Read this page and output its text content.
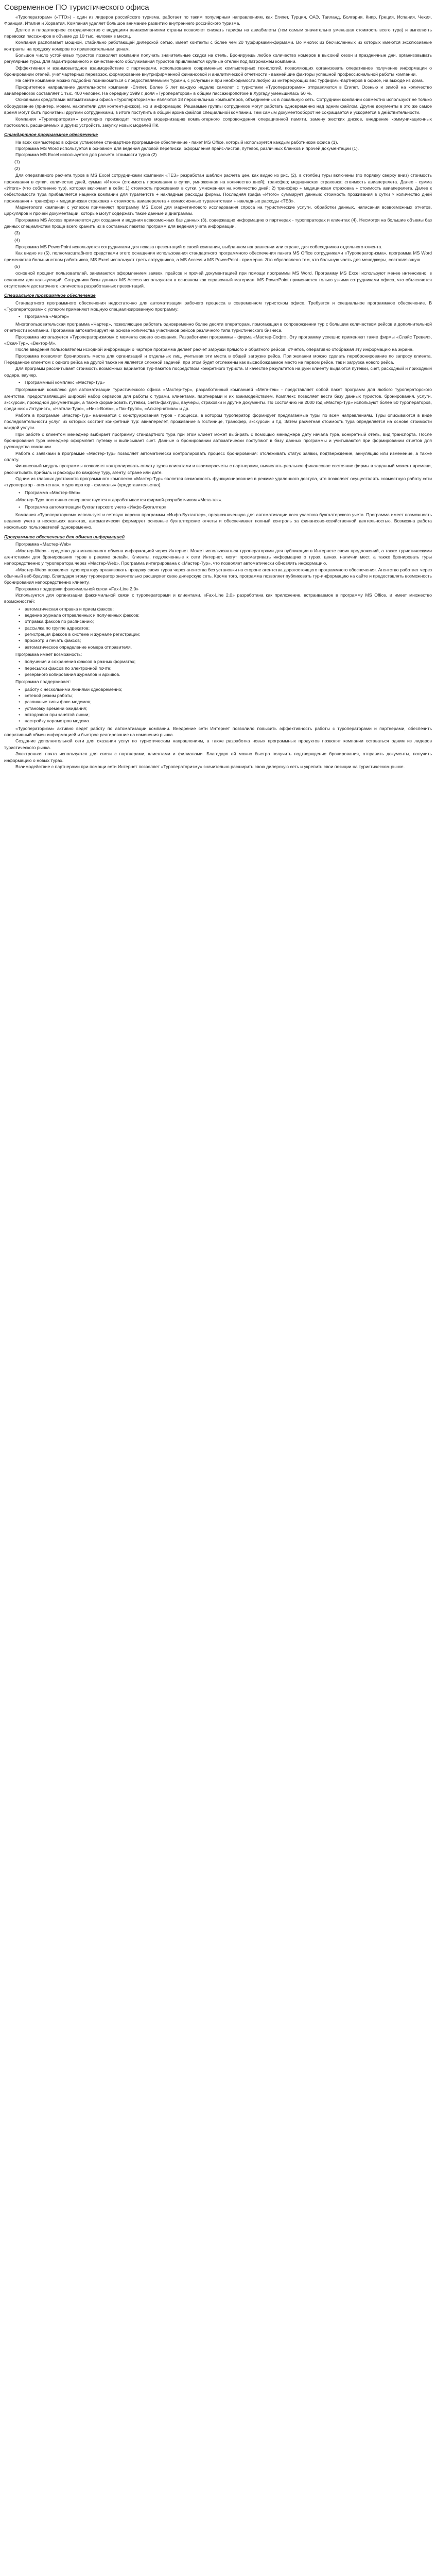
Современное ПО туристического офиса

«Туроператорам» («ТТО») - один из лидеров российского туризма, работает по таким популярным направлениям, как Египет, Турция, ОАЭ, Таиланд, Болгария, Кипр, Греция, Испания, Чехия, Франция, Италия и Хорватия. Компания уделяет большое внимание развитию внутреннего российского туризма.

Долгое и плодотворное сотрудничество с ведущими авиакомпаниями страны позволяет снижать тарифы на авиабилеты (тем самым значительно уменьшая стоимость всего тура) и выполнять перевозки пассажиров в объеме до 10 тыс. человек в месяц.

Компания располагает мощной, стабильно работающей дилерской сетью, имеет контакты с более чем 20 турфирмами-фирмами. Во многих из бесчисленных из которых имеются эксклюзивные контракты на продажу номеров по привлекательным ценам.

Большое число устойчивых туристов позволяет компании получать значительные скидки на отель. Бронируешь любое количество номеров в высокий сезон и праздничные дни, организовывать регулярные туры. Для гарантированного и качественного обслуживания туристов привлекаются крупные отелей под патронажем компании.

Эффективная и взаимовыгодное взаимодействие с партнерами, использование современных компьютерных технологий, позволяющих организовать оперативное получение информации о бронировании отелей, учет чартерных перевозок, формирование внутрифирменной финансовой и аналитической отчетности - важнейшие факторы успешной профессиональной работы компании.

На сайте компании можно подробно познакомиться с предоставляемыми турами, с услугами и при необходимости любую из интересующих вас турфирмы-партнеров в офисе, на выходе из дома.

Приоритетное направление деятельности компании -Египет. Более 5 лет каждую неделю самолет с туристами «Туроператорами» отправляются в Египет. Осенью и зимой на количество авиаперевозок составляет 1 тыс. 400 человек. На середину 1999 г. доля «Туроператоров» в общем пассажиропотоке в Хургаду уменьшилась 50 %.

Основными средствами автоматизации офиса «Туроператоризма» являются 18 персональных компьютеров, объединенных в локальную сеть. Сотрудники компании совместно используют не только оборудование (принтер, модем, накопители для контент-дисков), но и информацию. Решаемые группы сотрудников могут работать одновременно над одним файлом. Другие документы в это же самое время могут быть прочитаны другими сотрудниками, в итоге поступить в общий архив файлов специальной компании. Тем самым документооборот не сокращается и ускоряется в действительности.

Компания «Туроператоризм» регулярно производит тестовую модернизацию компьютерного сопровождения операционной памяти, замену жестких дисков, внедрение коммуникационных протоколов, расширяемых и других устройств, закупку новых моделей ПК.

Стандартное программное обеспечение

На всех компьютерах в офисе установлен стандартное программное обеспечение - пакет MS Office, который используется каждым работником офиса (1).

Программа MS Word используется в основном для ведения деловой переписки, оформления прайс-листов, путевок, различных бланков и прочей документации (1).

Программа MS Excel используется для расчета стоимости туров (2)

(1)

(2)

Для оперативного расчета туров в MS Excel сотрудни-ками компании «ТЕЗ» разработан шаблон расчета цен, как видно из рис. (2), в столбец туры включены (по порядку сверху вниз) стоимость проживания в сутки, количество дней, сумма «Итого» (стоимость проживания в сутки, умноженная на количество дней); трансфер; медицинская страховка; стоимость авиаперелета. Далее - сумма «Итого» (что собственно тур), которая включает в себя: 1) стоимость проживания в сутки, умноженная на количество дней; 2) трансфер + медицинская страховка + стоимость авиаперелета. Далее к себестоимости тура прибавляется наценка компании для турагентств + накладные расходы фирмы. Последняя графа «Итого» суммирует данные: стоимость проживания в сутки × количество дней проживания + трансфер + медицинская страховка + стоимость авиаперелета + комиссионные турагентствам + накладные расходы «ТЕЗ».

Маркетологи компании с успехом применяют программу MS Excel для маркетингового исследования спроса на туристические услуги, обработки данных, написания всевозможных отчетов, циркуляров и прочей документации, которые могут содержать такие данные и диаграммы.

Программа MS Access применяется для создания и ведения всевозможных баз данных (3), содержащих информацию о партнерах - туроператорах и клиентах (4). Несмотря на большие объемы баз данных специалистам проще всего хранить их в составных пакетах программ для ведения учета информации.

(3)

(4)

Программа MS PowerPoint используется сотрудниками для показа презентаций о своей компании, выбранном направлении или стране, для собеседников отдельного клиента.

Как видно из (5), полномасштабного средствами этого оснащения использования стандартного программного обеспечения пакета MS Office сотрудниками «Туроператоризма», программа MS Word применяется большинством работников, MS Excel используют треть сотрудников, а MS Access и MS PowerPoint - примерно. Это обусловлено тем, что большую часть для менеджеры, составляющую

(5)

основной процент пользователей, занимаются оформлением заявок, прайсов и прочей документацией при помощи программы MS Word. Программу MS Excel используют менее интенсивно, в основном для калькуляций. Сотрудники базы данных MS Access используются в основном как справочный материал. MS PowerPoint применяется только узкими сотрудниками офиса, что объясняется отсутствием достаточного количества разработанных презентаций.

Специальное программное обеспечение

Стандартного программного обеспечения недостаточно для автоматизации рабочего процесса в современном туристском офисе. Требуется и специальное программное обеспечение. В «Туроператоризм» с успехом применяют мощную специализированную программу:

• Программа «Чартер»

Многопользовательская программа «Чартер», позволяющее работать одновременно более десяти операторам, помогающая в сопровождении тур с большим количеством рейсов и дополнительной отчетности компании. Программа автоматизирует на основе количества участников рейсов различного типа туристического бизнеса.

Программа используется «Туроператоризмом» с момента своего основания. Разработчики программы - фирма «Мастер-Софт». Эту программу успешно применяют такие фирмы «Слайс Тревел», «Ская-Тур», «Вектор-М».

После введения пользователем исходной информации о чартере программа делает расчет загрузки прямого и обратного рейсов, отчетов, оперативно отображая эту информацию на экране.

Программа позволяет бронировать места для организаций и отдельных лиц, учитывая эти места в общей загрузке рейса. При желании можно сделать перебронирование по запросу клиента. Переданное клиентом с одного рейса на другой также не является сложной задачей, при этом будет отслежены как высвобождаемое место на первом рейсе, так и загрузка нового рейса.

Для программ рассчитывает стоимость возможных вариантов тур-пакетов посредством конкретного туриста. В качестве результатов на руки клиенту выдаются путевки, счет, расходный и приходный ордера, ваучер.

• Программный комплекс «Мастер-Тур»

Программный комплекс для автоматизации туристического офиса «Мастер-Тур», разработанный компанией «Мега-тек» - представляет собой пакет программ для любого туроператорского агентства, предоставляющий широкий набор сервисов для работы с турами, клиентами, партнерами и их взаимодействием. Комплекс позволяет вести базу данных туристов, бронирования, услуги, экскурсии, проездной документации, а также формировать путевки, счета-фактуры, ваучеры, страховки и другие документы. По состоянию на 2000 год «Мастер-Тур» используют более 50 туроператоров, среди них «Интурист», «Натали-Турс», «Никс-Вояж», «Пак-Групп», «Альтернатива» и др.

Работа в программе «Мастер-Тур» начинается с конструирования туров - процесса, в котором туроператор формирует предлагаемые туры по всем направлениям. Туры описываются в виде последовательности услуг, из которых состоит конкретный тур: авиаперелет, проживание в гостинице, трансфер, экскурсии и т.д. Затем расчетная стоимость тура определяется на основе стоимости каждой услуги.

При работе с клиентом менеджер выбирает программу стандартного тура при этом клиент может выбирать с помощью менеджера дату начала тура, конкретный отель, вид транспорта. После бронирования тура менеджер оформляет путевку и выписывает счет. Данные о бронировании автоматически поступают в базу данных программы и учитываются при формировании отчетов для руководства компании.

Работа с заявками в программе «Мастер-Тур» позволяет автоматически контролировать процесс бронирования: отслеживать статус заявки, подтверждение, аннуляцию или изменение, а также оплату.

Финансовый модуль программы позволяет контролировать оплату туров клиентами и взаиморасчеты с партнерами, вычислять реальное финансовое состояние фирмы в заданный момент времени, рассчитывать прибыль и расходы по каждому туру, агенту, стране или дате.

Одним из главных достоинств программного комплекса «Мастер-Тур» является возможность функционирования в режиме удаленного доступа, что позволяет осуществлять совместную работу сети «туроператор - агентства», «туроператор - филиалы» (представительства).

• Программа «Мастер-Web»

«Мастер-Тур» постоянно совершенствуется и дорабатывается фирмой-разработчиком «Мега-тек».

• Программа автоматизации бухгалтерского учета «Инфо-Бухгалтер»

Компания «Туроператоризм» использует и сетевую версию программы «Инфо-Бухгалтер», предназначенную для автоматизации всех участков бухгалтерского учета. Программа имеет возможность ведения учета в нескольких валютах, автоматически формирует основные бухгалтерские отчеты и обеспечивает полный контроль за финансово-хозяйственной деятельностью. Возможна работа нескольких пользователей одновременно.

Программное обеспечение для обмена информацией

Программа «Мастер-Web»

«Мастер-Web» - средство для мгновенного обмена информацией через Интернет. Может использоваться туроператорами для публикации в Интернете своих предложений, а также туристическими агентствами для бронирования туров в режиме онлайн. Клиенты, подключенные к сети Интернет, могут просматривать информацию о турах, ценах, наличии мест, а также бронировать туры непосредственно у туроператора через «Мастер-Web». Программа интегрирована с «Мастер-Тур», что позволяет автоматически обновлять информацию.

«Мастер-Web» позволяет туроператору организовать продажу своих туров через агентства без установки на стороне агентства дорогостоящего программного обеспечения. Агентство работает через обычный веб-браузер. Благодаря этому туроператор значительно расширяет свою дилерскую сеть. Кроме того, программа позволяет публиковать тур-информацию на сайте и предоставлять возможность бронирования непосредственно клиенту.

Программа поддержки факсимильной связи «Fax-Line 2.0»

Используется для организации факсимильной связи с туроператорами и клиентами. «Fax-Line 2.0» разработана как приложение, встраиваемое в программу MS Office, и имеет множество возможностей:

• автоматическая отправка и прием факсов;
• ведение журнала отправленных и полученных факсов;
• отправка факсов по расписанию;
• рассылка по группе адресатов;
• регистрация факсов в системе и журнале регистрации;
• просмотр и печать факсов;
• автоматическое определение номера отправителя.

Программа имеет возможность:

• получения и сохранения факсов в разных форматах;
• пересылки факсов по электронной почте;
• резервного копирования журналов и архивов.

Программа поддерживает:

• работу с несколькими линиями одновременно;
• сетевой режим работы;
• различные типы факс-модемов;
• установку времени ожидания;
• автодозвон при занятой линии;
• настройку параметров модема.

«Туроператоризм» активно ведет работу по автоматизации компании. Внедрение сети Интернет позволило повысить эффективность работы с туроператорами и партнерами, обеспечить оперативный обмен информацией и быстрое реагирование на изменения рынка.

Создание дополнительной сети для оказания услуг по туристическим направлениям, а также разработка новых программных продуктов позволят компании оставаться одним из лидеров туристического рынка.

Электронная почта используется для связи с партнерами, клиентами и филиалами. Благодаря ей можно быстро получить подтверждение бронирования, отправить документы, получить информацию о новых турах.

Взаимодействие с партнерами при помощи сети Интернет позволяет «Туроператоризму» значительно расширить свою дилерскую сеть и укрепить свои позиции на туристическом рынке.
